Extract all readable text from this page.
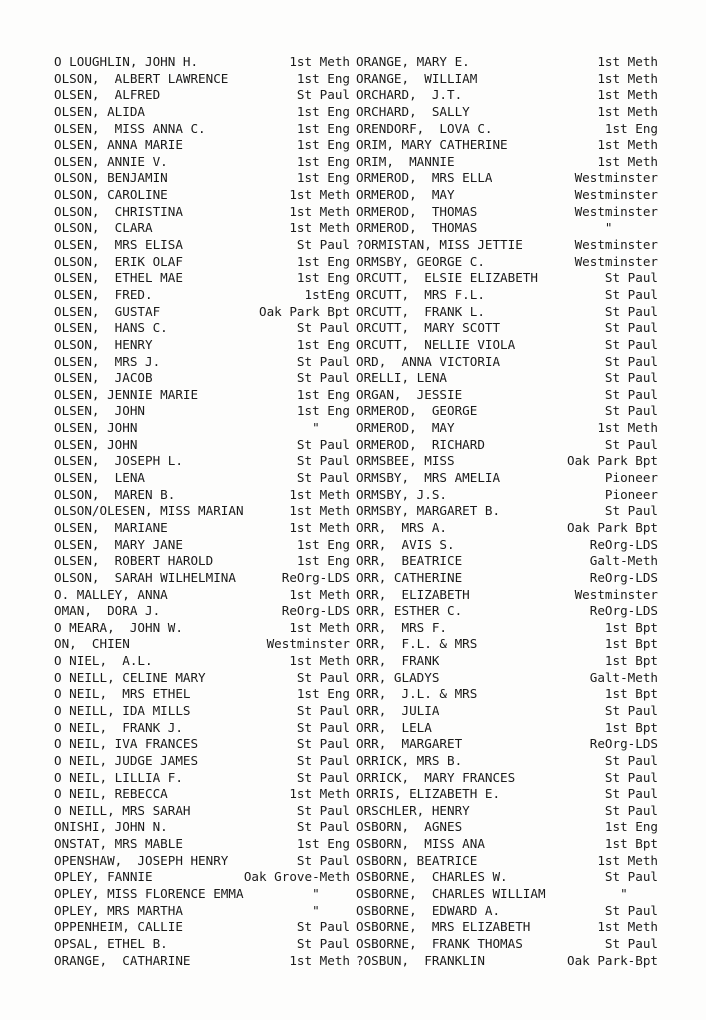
O LOUGHLIN, JOHN H.	1st Meth
OLSON,  ALBERT LAWRENCE	1st Eng
OLSEN,  ALFRED	St Paul
OLSEN, ALIDA	1st Eng
OLSEN,  MISS ANNA C.	1st Eng
OLSEN, ANNA MARIE	1st Eng
OLSEN, ANNIE V.	1st Eng
OLSON, BENJAMIN	1st Eng
OLSON, CAROLINE	1st Meth
OLSON,  CHRISTINA	1st Meth
OLSON,  CLARA	1st Meth
OLSEN,  MRS ELISA	St Paul
OLSON,  ERIK OLAF	1st Eng
OLSEN,  ETHEL MAE	1st Eng
OLSEN,  FRED.	1stEng
OLSEN,  GUSTAF	Oak Park Bpt
OLSEN,  HANS C.	St Paul
OLSON,  HENRY	1st Eng
OLSEN,  MRS J.	St Paul
OLSEN,  JACOB	St Paul
OLSEN, JENNIE MARIE	1st Eng
OLSEN,  JOHN	1st Eng
OLSEN, JOHN	"
OLSEN, JOHN	St Paul
OLSEN,  JOSEPH L.	St Paul
OLSEN,  LENA	St Paul
OLSON,  MAREN B.	1st Meth
OLSON/OLESEN, MISS MARIAN	1st Meth
OLSEN,  MARIANE	1st Meth
OLSEN,  MARY JANE	1st Eng
OLSEN,  ROBERT HAROLD	1st Eng
OLSON,  SARAH WILHELMINA	ReOrg-LDS
O. MALLEY, ANNA	1st Meth
OMAN,  DORA J.	ReOrg-LDS
O MEARA,  JOHN W.	1st Meth
ON,  CHIEN	Westminster
O NIEL,  A.L.	1st Meth
O NEILL, CELINE MARY	St Paul
O NEIL,  MRS ETHEL	1st Eng
O NEILL, IDA MILLS	St Paul
O NEIL,  FRANK J.	St Paul
O NEIL, IVA FRANCES	St Paul
O NEIL, JUDGE JAMES	St Paul
O NEIL, LILLIA F.	St Paul
O NEIL, REBECCA	1st Meth
O NEILL, MRS SARAH	St Paul
ONISHI, JOHN N.	St Paul
ONSTAT, MRS MABLE	1st Eng
OPENSHAW,  JOSEPH HENRY	St Paul
OPLEY, FANNIE	Oak Grove-Meth
OPLEY, MISS FLORENCE EMMA	"
OPLEY, MRS MARTHA	"
OPPENHEIM, CALLIE	St Paul
OPSAL, ETHEL B.	St Paul
ORANGE,  CATHARINE	1st Meth
ORANGE, MARY E.	1st Meth
ORANGE,  WILLIAM	1st Meth
ORCHARD,  J.T.	1st Meth
ORCHARD,  SALLY	1st Meth
ORENDORF,  LOVA C.	1st Eng
ORIM, MARY CATHERINE	1st Meth
ORIM,  MANNIE	1st Meth
ORMEROD,  MRS ELLA	Westminster
ORMEROD,  MAY	Westminster
ORMEROD,  THOMAS	Westminster
ORMEROD,  THOMAS	"
?ORMISTAN, MISS JETTIE	Westminster
ORMSBY, GEORGE C.	Westminster
ORCUTT,  ELSIE ELIZABETH	St Paul
ORCUTT,  MRS F.L.	St Paul
ORCUTT,  FRANK L.	St Paul
ORCUTT,  MARY SCOTT	St Paul
ORCUTT,  NELLIE VIOLA	St Paul
ORD,  ANNA VICTORIA	St Paul
ORELLI, LENA	St Paul
ORGAN,  JESSIE	St Paul
ORMEROD,  GEORGE	St Paul
ORMEROD,  MAY	1st Meth
ORMEROD,  RICHARD	St Paul
ORMSBEE, MISS	Oak Park Bpt
ORMSBY,  MRS AMELIA	Pioneer
ORMSBY, J.S.	Pioneer
ORMSBY, MARGARET B.	St Paul
ORR,  MRS A.	Oak Park Bpt
ORR,  AVIS S.	ReOrg-LDS
ORR,  BEATRICE	Galt-Meth
ORR, CATHERINE	ReOrg-LDS
ORR,  ELIZABETH	Westminster
ORR, ESTHER C.	ReOrg-LDS
ORR,  MRS F.	1st Bpt
ORR,  F.L. & MRS	1st Bpt
ORR,  FRANK	1st Bpt
ORR, GLADYS	Galt-Meth
ORR,  J.L. & MRS	1st Bpt
ORR,  JULIA	St Paul
ORR,  LELA	1st Bpt
ORR,  MARGARET	ReOrg-LDS
ORRICK, MRS B.	St Paul
ORRICK,  MARY FRANCES	St Paul
ORRIS, ELIZABETH E.	St Paul
ORSCHLER, HENRY	St Paul
OSBORN,  AGNES	1st Eng
OSBORN,  MISS ANA	1st Bpt
OSBORN, BEATRICE	1st Meth
OSBORNE,  CHARLES W.	St Paul
OSBORNE,  CHARLES WILLIAM	"
OSBORNE,  EDWARD A.	St Paul
OSBORNE,  MRS ELIZABETH	1st Meth
OSBORNE,  FRANK THOMAS	St Paul
?OSBUN,  FRANKLIN	Oak Park-Bpt
